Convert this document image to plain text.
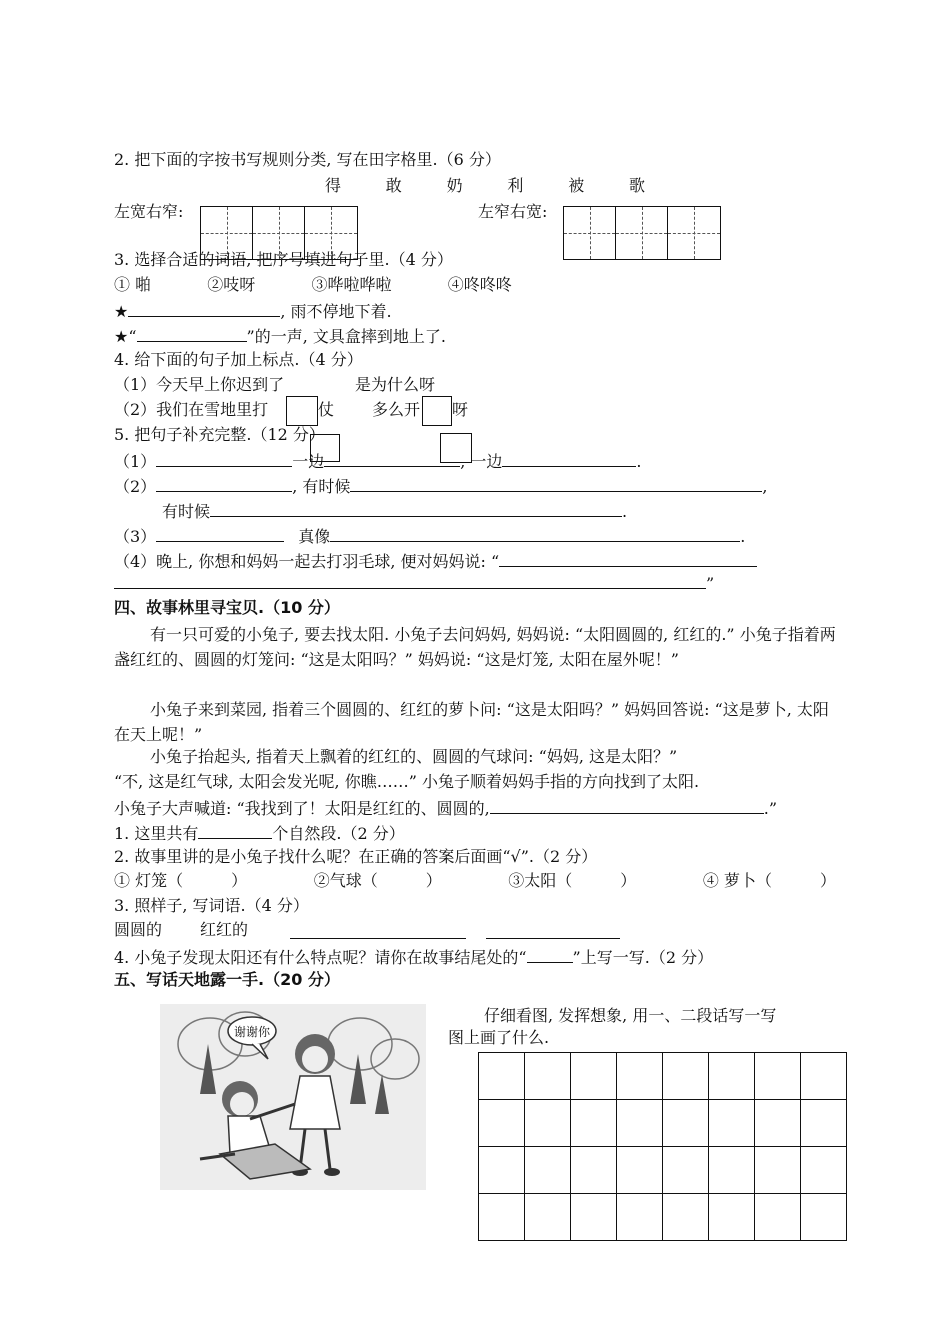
2. 把下面的字按书写规则分类, 写在田字格里.（6 分）
得	敢	奶	利	被	歌
左宽右窄:	左窄右宽:
3. 选择合适的词语, 把序号填进句子里.（4 分）
① 啪	②吱呀	③哗啦哗啦	④咚咚咚
★	, 雨不停地下着.
★“	”的一声, 文具盒摔到地上了.
4. 给下面的句子加上标点.（4 分）
（1）今天早上你迟到了	是为什么呀
（2）我们在雪地里打	仗 多么开 呀
5. 把句子补充完整.（12 分）
（1）	一边	, 一边	.
（2）	, 有时候	,
有时候	.
（3）	真像	.
（4）晚上, 你想和妈妈一起去打羽毛球, 便对妈妈说: “
”
四、故事林里寻宝贝.（10 分）
有一只可爱的小兔子, 要去找太阳. 小兔子去问妈妈, 妈妈说: “太阳圆圆的, 红红的.” 小兔子指着两盏红红的、圆圆的灯笼问: “这是太阳吗？” 妈妈说: “这是灯笼, 太阳在屋外呢！”
小兔子来到菜园, 指着三个圆圆的、红红的萝卜问: “这是太阳吗？” 妈妈回答说: “这是萝卜, 太阳在天上呢！”
小兔子抬起头, 指着天上飘着的红红的、圆圆的气球问: “妈妈, 这是太阳？”
“不, 这是红气球, 太阳会发光呢, 你瞧……” 小兔子顺着妈妈手指的方向找到了太阳.
小兔子大声喊道: “我找到了！太阳是红红的、圆圆的,	.”
1. 这里共有	个自然段.（2 分）
2. 故事里讲的是小兔子找什么呢？在正确的答案后面画“√”.（2 分）
① 灯笼（　　　）	②气球（　　　）	③太阳（　　　）	④ 萝卜（　　　）
3. 照样子, 写词语.（4 分）
圆圆的 红红的
4. 小兔子发现太阳还有什么特点呢？请你在故事结尾处的“	”上写一写.（2 分）
五、写话天地露一手.（20 分）
谢谢你
仔细看图, 发挥想象, 用一、二段话写一写
图上画了什么.
